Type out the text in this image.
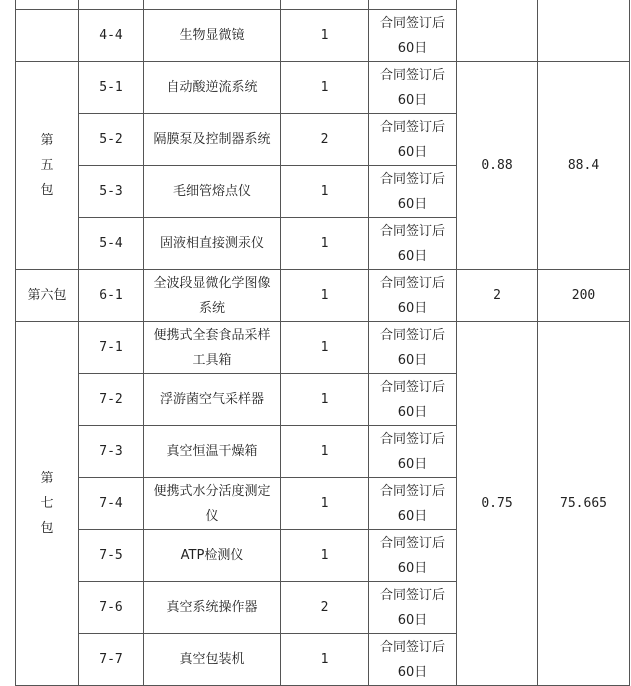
	4-4	生物显微镜	1	合同签订后
60日		
第
五
包	5-1	自动酸逆流系统	1	合同签订后
60日	0.88	88.4
	5-2	隔膜泵及控制器系统	2	合同签订后
60日		
	5-3	毛细管熔点仪	1	合同签订后
60日		
	5-4	固液相直接测汞仪	1	合同签订后
60日		
第六包	6-1	全波段显微化学图像
系统	1	合同签订后
60日	2	200
第
七
包	7-1	便携式全套食品采样
工具箱	1	合同签订后
60日	0.75	75.665
	7-2	浮游菌空气采样器	1	合同签订后
60日		
	7-3	真空恒温干燥箱	1	合同签订后
60日		
	7-4	便携式水分活度测定
仪	1	合同签订后
60日		
	7-5	ATP检测仪	1	合同签订后
60日		
	7-6	真空系统操作器	2	合同签订后
60日		
	7-7	真空包装机	1	合同签订后
60日		
